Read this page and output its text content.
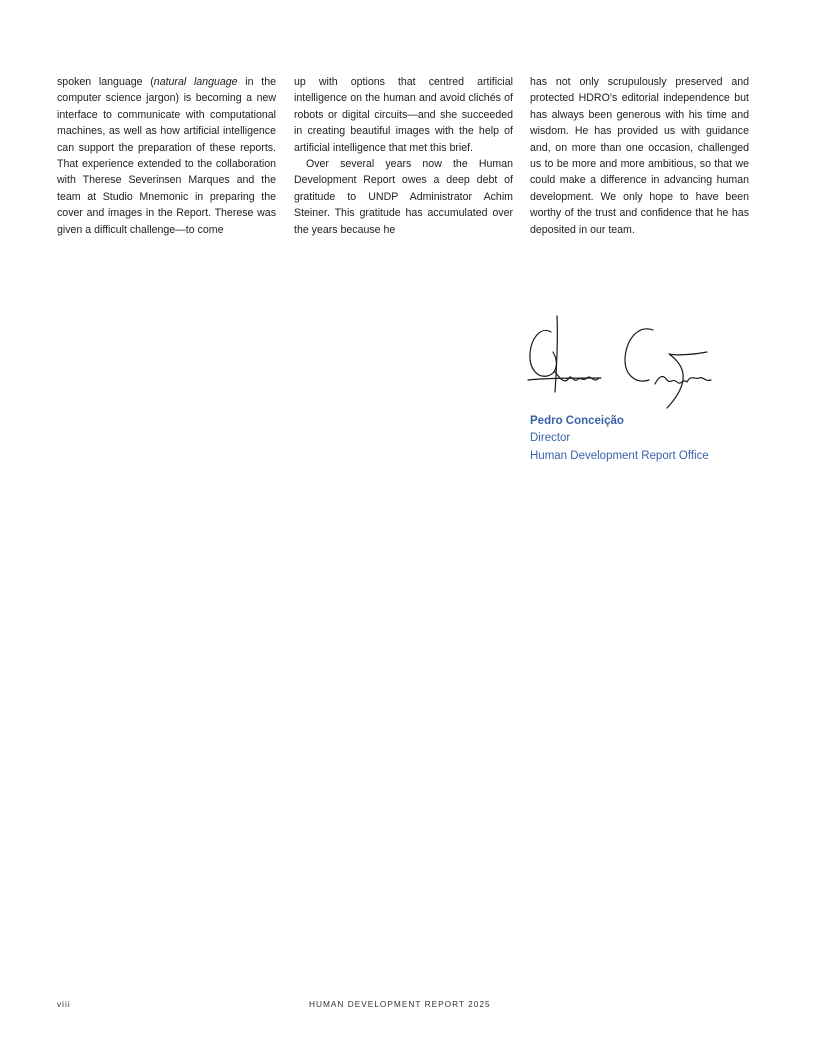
spoken language (natural language in the computer science jargon) is becoming a new interface to communicate with computational machines, as well as how artificial intelligence can support the preparation of these reports. That experience extended to the collaboration with Therese Severinsen Marques and the team at Studio Mnemonic in preparing the cover and images in the Report. Therese was given a difficult challenge—to come

up with options that centred artificial intelligence on the human and avoid clichés of robots or digital circuits—and she succeeded in creating beautiful images with the help of artificial intelligence that met this brief.

Over several years now the Human Development Report owes a deep debt of gratitude to UNDP Administrator Achim Steiner. This gratitude has accumulated over the years because he

has not only scrupulously preserved and protected HDRO’s editorial independence but has always been generous with his time and wisdom. He has provided us with guidance and, on more than one occasion, challenged us to be more and more ambitious, so that we could make a difference in advancing human development. We only hope to have been worthy of the trust and confidence that he has deposited in our team.

Pedro Conceição
Director
Human Development Report Office
viii	HUMAN DEVELOPMENT REPORT 2025
